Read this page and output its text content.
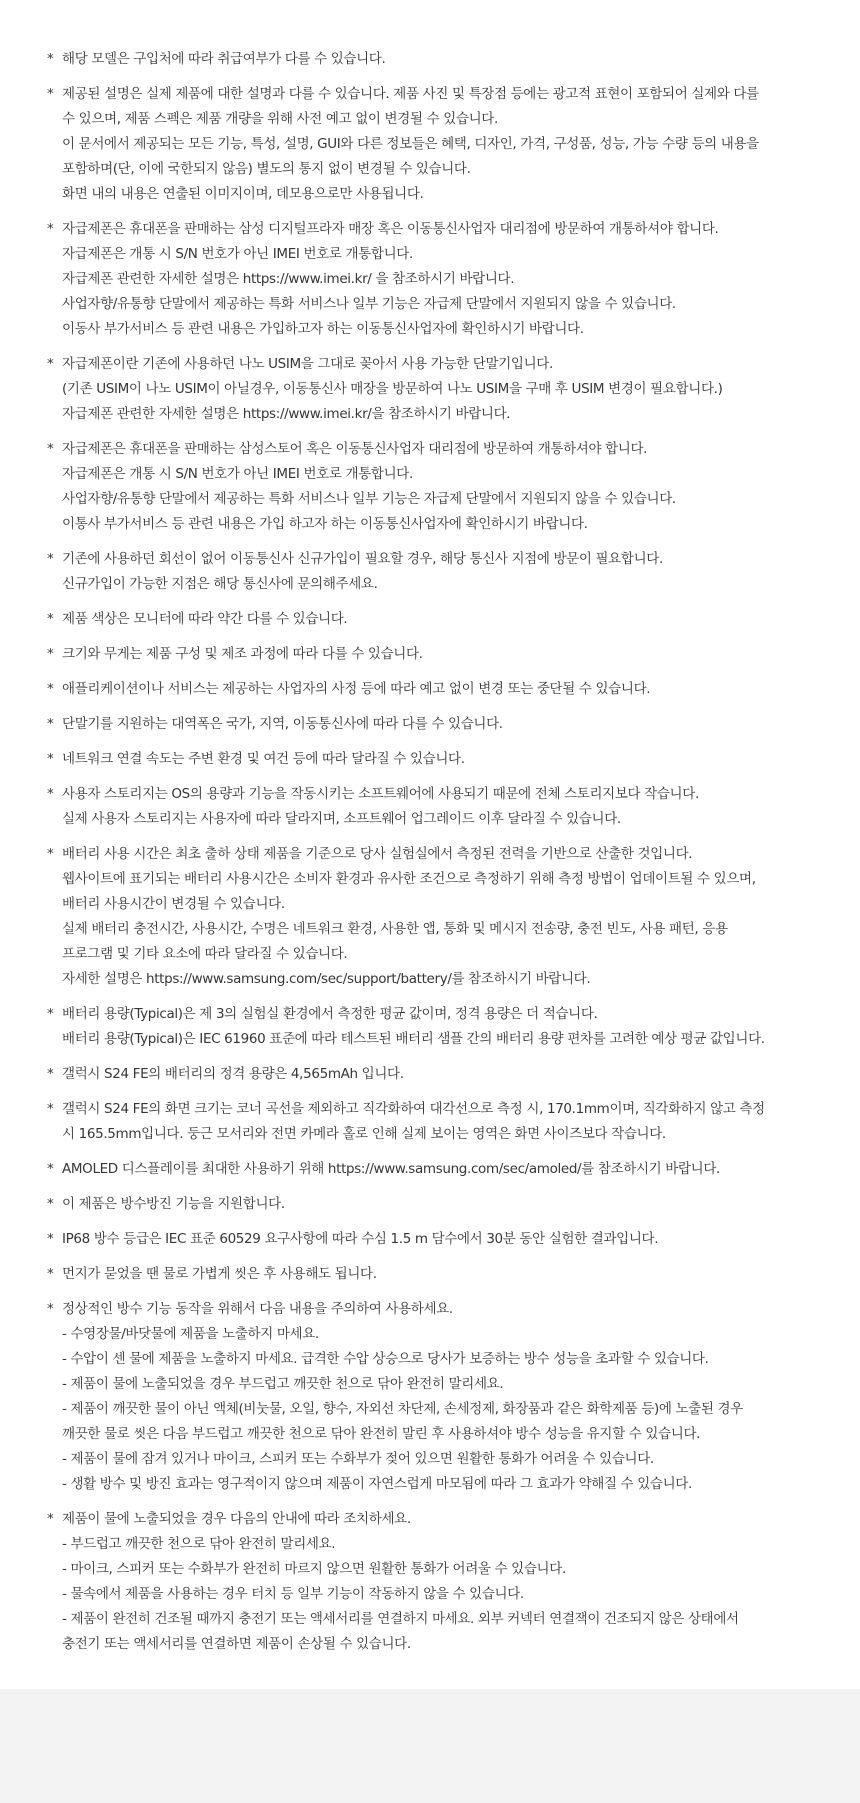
* 해당 모델은 구입처에 따라 취급여부가 다를 수 있습니다.
* 제공된 설명은 실제 제품에 대한 설명과 다를 수 있습니다. 제품 사진 및 특장점 등에는 광고적 표현이 포함되어 실제와 다를
수 있으며, 제품 스펙은 제품 개량을 위해 사전 예고 없이 변경될 수 있습니다.
이 문서에서 제공되는 모든 기능, 특성, 설명, GUI와 다른 정보들은 혜택, 디자인, 가격, 구성품, 성능, 가능 수량 등의 내용을
포함하며(단, 이에 국한되지 않음) 별도의 통지 없이 변경될 수 있습니다.
화면 내의 내용은 연출된 이미지이며, 데모용으로만 사용됩니다.
* 자급제폰은 휴대폰을 판매하는 삼성 디지털프라자 매장 혹은 이동통신사업자 대리점에 방문하여 개통하셔야 합니다.
자급제폰은 개통 시 S/N 번호가 아닌 IMEI 번호로 개통합니다.
자급제폰 관련한 자세한 설명은 https://www.imei.kr/ 을 참조하시기 바랍니다.
사업자향/유통향 단말에서 제공하는 특화 서비스나 일부 기능은 자급제 단말에서 지원되지 않을 수 있습니다.
이동사 부가서비스 등 관련 내용은 가입하고자 하는 이동통신사업자에 확인하시기 바랍니다.
* 자급제폰이란 기존에 사용하던 나노 USIM을 그대로 꽂아서 사용 가능한 단말기입니다.
(기존 USIM이 나노 USIM이 아닐경우, 이동통신사 매장을 방문하여 나노 USIM을 구매 후 USIM 변경이 필요합니다.)
자급제폰 관련한 자세한 설명은 https://www.imei.kr/을 참조하시기 바랍니다.
* 자급제폰은 휴대폰을 판매하는 삼성스토어 혹은 이동통신사업자 대리점에 방문하여 개통하셔야 합니다.
자급제폰은 개통 시 S/N 번호가 아닌 IMEI 번호로 개통합니다.
사업자향/유통향 단말에서 제공하는 특화 서비스나 일부 기능은 자급제 단말에서 지원되지 않을 수 있습니다.
이통사 부가서비스 등 관련 내용은 가입 하고자 하는 이동통신사업자에 확인하시기 바랍니다.
* 기존에 사용하던 회선이 없어 이동통신사 신규가입이 필요할 경우, 해당 통신사 지점에 방문이 필요합니다.
신규가입이 가능한 지점은 해당 통신사에 문의해주세요.
* 제품 색상은 모니터에 따라 약간 다를 수 있습니다.
* 크기와 무게는 제품 구성 및 제조 과정에 따라 다를 수 있습니다.
* 애플리케이션이나 서비스는 제공하는 사업자의 사정 등에 따라 예고 없이 변경 또는 중단될 수 있습니다.
* 단말기를 지원하는 대역폭은 국가, 지역, 이동통신사에 따라 다를 수 있습니다.
* 네트워크 연결 속도는 주변 환경 및 여건 등에 따라 달라질 수 있습니다.
* 사용자 스토리지는 OS의 용량과 기능을 작동시키는 소프트웨어에 사용되기 때문에 전체 스토리지보다 작습니다.
실제 사용자 스토리지는 사용자에 따라 달라지며, 소프트웨어 업그레이드 이후 달라질 수 있습니다.
* 배터리 사용 시간은 최초 출하 상태 제품을 기준으로 당사 실험실에서 측정된 전력을 기반으로 산출한 것입니다.
웹사이트에 표기되는 배터리 사용시간은 소비자 환경과 유사한 조건으로 측정하기 위해 측정 방법이 업데이트될 수 있으며,
배터리 사용시간이 변경될 수 있습니다.
실제 배터리 충전시간, 사용시간, 수명은 네트워크 환경, 사용한 앱, 통화 및 메시지 전송량, 충전 빈도, 사용 패턴, 응용
프로그램 및 기타 요소에 따라 달라질 수 있습니다.
자세한 설명은 https://www.samsung.com/sec/support/battery/를 참조하시기 바랍니다.
* 배터리 용량(Typical)은 제 3의 실험실 환경에서 측정한 평균 값이며, 정격 용량은 더 적습니다.
배터리 용량(Typical)은 IEC 61960 표준에 따라 테스트된 배터리 샘플 간의 배터리 용량 편차를 고려한 예상 평균 값입니다.
* 갤럭시 S24 FE의 배터리의 정격 용량은 4,565mAh 입니다.
* 갤럭시 S24 FE의 화면 크기는 코너 곡선을 제외하고 직각화하여 대각선으로 측정 시, 170.1mm이며, 직각화하지 않고 측정
시 165.5mm입니다. 둥근 모서리와 전면 카메라 홀로 인해 실제 보이는 영역은 화면 사이즈보다 작습니다.
* AMOLED 디스플레이를 최대한 사용하기 위해 https://www.samsung.com/sec/amoled/를 참조하시기 바랍니다.
* 이 제품은 방수방진 기능을 지원합니다.
* IP68 방수 등급은 IEC 표준 60529 요구사항에 따라 수심 1.5 m 담수에서 30분 동안 실험한 결과입니다.
* 먼지가 묻었을 땐 물로 가볍게 씻은 후 사용해도 됩니다.
* 정상적인 방수 기능 동작을 위해서 다음 내용을 주의하여 사용하세요.
- 수영장물/바닷물에 제품을 노출하지 마세요.
- 수압이 센 물에 제품을 노출하지 마세요. 급격한 수압 상승으로 당사가 보증하는 방수 성능을 초과할 수 있습니다.
- 제품이 물에 노출되었을 경우 부드럽고 깨끗한 천으로 닦아 완전히 말리세요.
- 제품이 깨끗한 물이 아닌 액체(비눗물, 오일, 향수, 자외선 차단제, 손세정제, 화장품과 같은 화학제품 등)에 노출된 경우
깨끗한 물로 씻은 다음 부드럽고 깨끗한 천으로 닦아 완전히 말린 후 사용하셔야 방수 성능을 유지할 수 있습니다.
- 제품이 물에 잠겨 있거나 마이크, 스피커 또는 수화부가 젖어 있으면 원활한 통화가 어려울 수 있습니다.
- 생활 방수 및 방진 효과는 영구적이지 않으며 제품이 자연스럽게 마모됨에 따라 그 효과가 약해질 수 있습니다.
* 제품이 물에 노출되었을 경우 다음의 안내에 따라 조치하세요.
- 부드럽고 깨끗한 천으로 닦아 완전히 말리세요.
- 마이크, 스피커 또는 수화부가 완전히 마르지 않으면 원활한 통화가 어려울 수 있습니다.
- 물속에서 제품을 사용하는 경우 터치 등 일부 기능이 작동하지 않을 수 있습니다.
- 제품이 완전히 건조될 때까지 충전기 또는 액세서리를 연결하지 마세요. 외부 커넥터 연결잭이 건조되지 않은 상태에서
충전기 또는 액세서리를 연결하면 제품이 손상될 수 있습니다.
